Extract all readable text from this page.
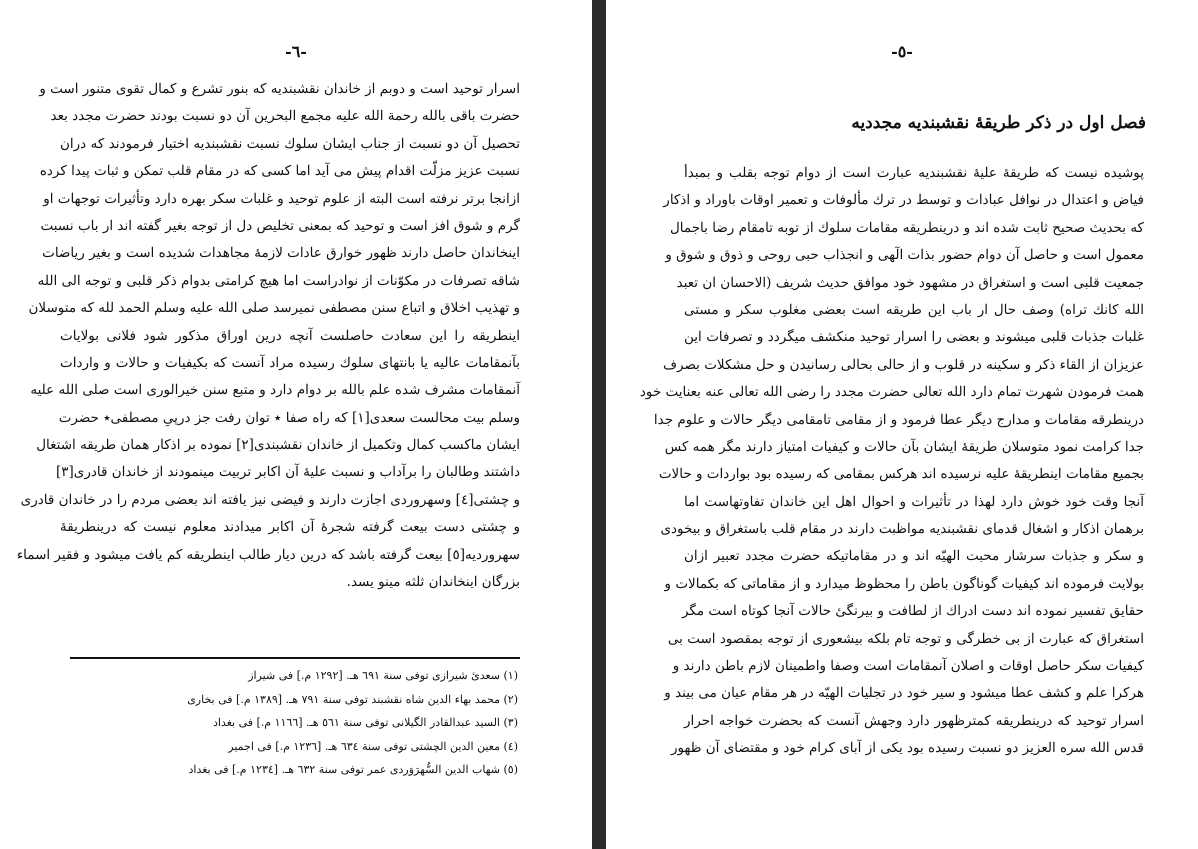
-٦-
اسرار توحید است و دوبم از خاندان نقشبندیه که بنور تشرع و کمال تقوی متنور است و
حضرت باقی بالله رحمة الله علیه مجمع البحرین آن دو نسبت بودند حضرت مجدد بعد
تحصیل آن دو نسبت از جناب ایشان سلوك نسبت نقشبندیه اختیار فرمودند که دران
نسبت عزیز مزلّت اقدام پیش می آید اما کسی که در مقام قلب تمکن و ثبات پیدا کرده
ازانجا برتر نرفته است البته از علوم توحید و غلبات سکر بهره دارد وتأثیرات توجهات او
گرم و شوق افز است و توحید که بمعنی تخلیص دل از توجه بغیر گفته اند ار باب نسبت
اینخاندان حاصل دارند ظهور خوارق عادات لازمهٔ مجاهدات شدیده است و بغیر ریاضات
شاقه تصرفات در مکوّنات از نوادراست اما هیچ کرامتی بدوام ذکر قلبی و توجه الی الله
و تهذیب اخلاق و اتباع سنن مصطفی نمیرسد صلی الله علیه وسلم الحمد لله که متوسلان
اینطریقه را این سعادت حاصلست آنچه درین اوراق مذکور شود فلانی بولایات
بآنمقامات عالیه یا بانتهای سلوك رسیده مراد آنست که بکیفیات و حالات و واردات
آنمقامات مشرف شده علم بالله بر دوام دارد و متبع سنن خیرالوری است صلی الله علیه
وسلم بیت محالست سعدی[۱] که راه صفا ٭ توان رفت جز درپیِ مصطفی٭ حضرت
ایشان ماکسب کمال وتکمیل از خاندان نقشبندی[۲] نموده بر اذکار همان طریقه اشتغال
داشتند وطالبان را برآداب و نسبت علیهٔ آن اکابر تربیت مینمودند از خاندان قادری[۳]
و چشتی[٤] وسهروردی اجازت دارند و فیضی نیز یافته اند بعضی مردم را در خاندان قادری
و چشتی دست بیعت گرفته شجرهٔ آن اکابر میدادند معلوم نیست که درینطریقهٔ
سهروردیه[٥] بیعت گرفته باشد که درین دیار طالب اینطریقه کم یافت میشود و فقیر اسماء
بزرگان اینخاندان ثلثه مینو یسد.
(۱) سعدیٔ شیرازی توفی سنة ٦٩١ هـ. [١٢٩٢ م.] فی شیراز
(۲) محمد بهاء الدین شاه نقشبند توفی سنة ٧٩١ هـ. [١٣٨٩ م.] فی بخاری
(۳) السید عبدالقادر الگیلانی توفی سنة ٥٦١ هـ. [١١٦٦ م.] فی بغداد
(٤) معین الدین الچشتی توفی سنة ٦٣٤ هـ. [١٢٣٦ م.] فی اجمیر
(٥) شهاب الدین السُّهرَوَردی عمر توفی سنة ٦٣٢ هـ. [١٢٣٤ م.] فی بغداد
-٥-
فصل اول در ذکر طریقهٔ نقشبندیه مجددیه
پوشیده نیست که طریقهٔ علیهٔ نقشبندیه عبارت است از دوام توجه بقلب و بمبدأ
فیاض و اعتدال در نوافل عبادات و توسط در ترك مألوفات و تعمیر اوقات باوراد و اذکار
که بحدیث صحیح ثابت شده اند و درینطریقه مقامات سلوك از توبه تامقام رضا باجمال
معمول است و حاصل آن دوام حضور بذات الٓهی و انجذاب حبی روحی و ذوق و شوق و
جمعیت قلبی است و استغراق در مشهود خود موافق حدیث شریف (الاحسان ان تعبد
الله کانك تراه) وصف حال ار باب این طریقه است بعضی مغلوب سکر و مستی
غلبات جذبات قلبی میشوند و بعضی را اسرار توحید منکشف میگردد و تصرفات این
عزیزان از القاء ذکر و سکینه در قلوب و از حالی بحالی رسانیدن و حل مشکلات بصرف
همت فرمودن شهرت تمام دارد الله تعالی حضرت مجدد را رضی الله تعالی عنه بعنایت خود
درینطرقه مقامات و مدارج دیگر عطا فرمود و از مقامی تامقامی دیگر حالات و علوم جدا
جدا کرامت نمود متوسلان طریقهٔ ایشان بآن حالات و کیفیات امتیاز دارند مگر همه کس
بجمیع مقامات اینطریقهٔ علیه نرسیده اند هرکس بمقامی که رسیده بود بواردات و حالات
آنجا وقت خود خوش دارد لهذا در تأثیرات و احوال اهل این خاندان تفاوتهاست اما
برهمان اذکار و اشغال قدمای نقشبندیه مواظبت دارند در مقام قلب باستغراق و بیخودی
و سکر و جذبات سرشار محبت الهیّه اند و در مقاماتیکه حضرت مجدد تعبیر ازان
بولایت فرموده اند کیفیات گوناگون باطن را محظوظ میدارد و از مقاماتی که بکمالات و
حقایق تفسیر نموده اند دست ادراك از لطافت و بیرنگیٔ حالات آنجا کوتاه است مگر
استغراق که عبارت از بی خطرگی و توجه تام بلکه بیشعوری از توجه بمقصود است بی
کیفیات سکر حاصل اوقات و اصلان آنمقامات است وصفا واطمینان لازم باطن دارند و
هرکرا علم و کشف عطا میشود و سیر خود در تجلیات الهیّه در هر مقام عیان می بیند و
اسرار توحید که درینطریقه کمترظهور دارد وجهش آنست که بحضرت خواجه احرار
قدس الله سره العزیز دو نسبت رسیده بود یکی از آبای کرام خود و مقتضای آن ظهور
